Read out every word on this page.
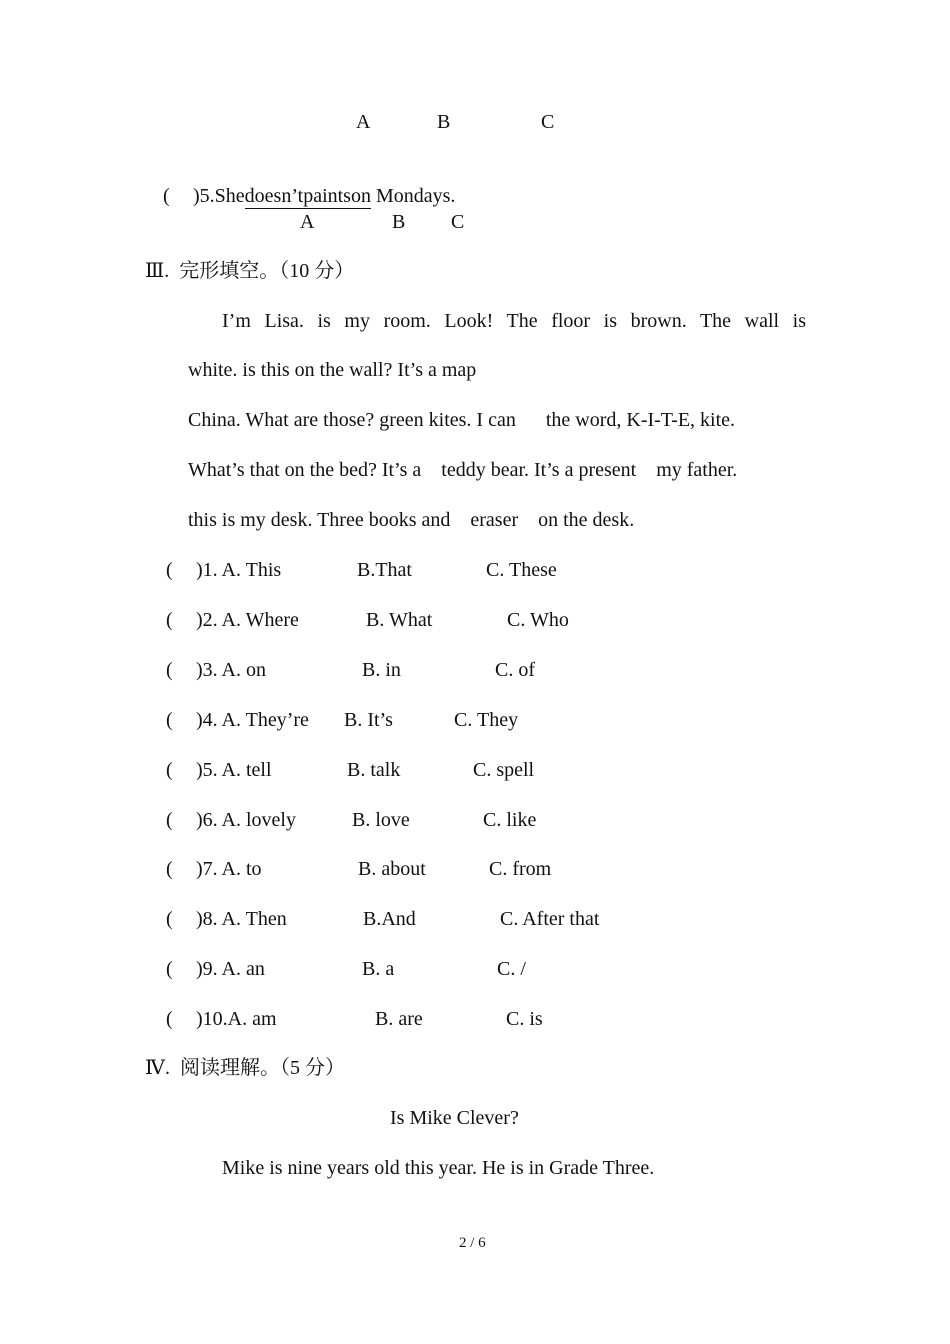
A	B	C

( )5.Shedoesn’tpaintson Mondays.

A	B C
Ⅲ.  完形填空。（10 分）
I’m Lisa. is my room. Look! The floor is brown. The wall is
white. is this on the wall? It’s a map
China. What are those? green kites. I can      the word, K-I-T-E, kite.
What’s that on the bed? It’s a    teddy bear. It’s a present    my father.
this is my desk. Three books and    eraser    on the desk.
( )1. A. This	B.That	C. These
( )2. A. Where	B. What	C. Who
( )3. A. on	B. in	C. of
( )4. A. They’re B. It’s	C. They
( )5. A. tell	B. talk	C. spell
( )6. A. lovely	B. love	C. like
( )7. A. to	B. about	C. from
( )8. A. Then	B.And	C. After that
( )9. A. an	B. a	C. /
( )10.A. am	B. are	C. is
Ⅳ.  阅读理解。（5 分）
Is Mike Clever?
Mike is nine years old this year. He is in Grade Three.
2 / 6
